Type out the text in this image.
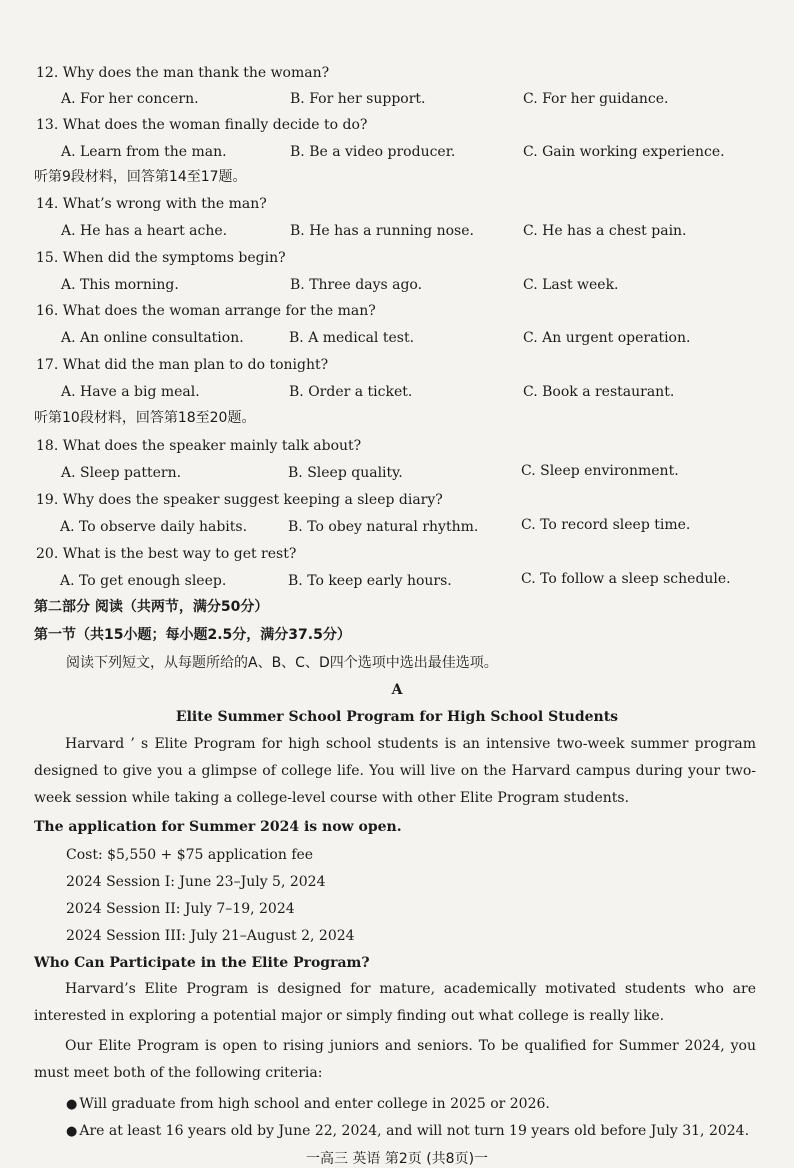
12. Why does the man thank the woman?
A. For her concern.	B. For her support.	C. For her guidance.
13. What does the woman finally decide to do?
A. Learn from the man.	B. Be a video producer.	C. Gain working experience.
听第9段材料，回答第14至17题。
14. What’s wrong with the man?
A. He has a heart ache.	B. He has a running nose.	C. He has a chest pain.
15. When did the symptoms begin?
A. This morning.	B. Three days ago.	C. Last week.
16. What does the woman arrange for the man?
A. An online consultation.	B. A medical test.	C. An urgent operation.
17. What did the man plan to do tonight?
A. Have a big meal.	B. Order a ticket.	C. Book a restaurant.
听第10段材料，回答第18至20题。
18. What does the speaker mainly talk about?
A. Sleep pattern.	B. Sleep quality.	C. Sleep environment.
19. Why does the speaker suggest keeping a sleep diary?
A. To observe daily habits.	B. To obey natural rhythm.	C. To record sleep time.
20. What is the best way to get rest?
A. To get enough sleep.	B. To keep early hours.	C. To follow a sleep schedule.
第二部分 阅读（共两节，满分50分）
第一节（共15小题；每小题2.5分，满分37.5分）
阅读下列短文，从每题所给的A、B、C、D四个选项中选出最佳选项。
A
Elite Summer School Program for High School Students
Harvard ’ s Elite Program for high school students is an intensive two-week summer program designed to give you a glimpse of college life. You will live on the Harvard campus during your two-week session while taking a college-level course with other Elite Program students.
The application for Summer 2024 is now open.
Cost: $5,550 + $75 application fee
2024 Session I: June 23–July 5, 2024
2024 Session II: July 7–19, 2024
2024 Session III: July 21–August 2, 2024
Who Can Participate in the Elite Program?
Harvard’s Elite Program is designed for mature, academically motivated students who are interested in exploring a potential major or simply finding out what college is really like.
Our Elite Program is open to rising juniors and seniors. To be qualified for Summer 2024, you must meet both of the following criteria:
● Will graduate from high school and enter college in 2025 or 2026.
● Are at least 16 years old by June 22, 2024, and will not turn 19 years old before July 31, 2024.
一高三 英语 第2页 (共8页)一
